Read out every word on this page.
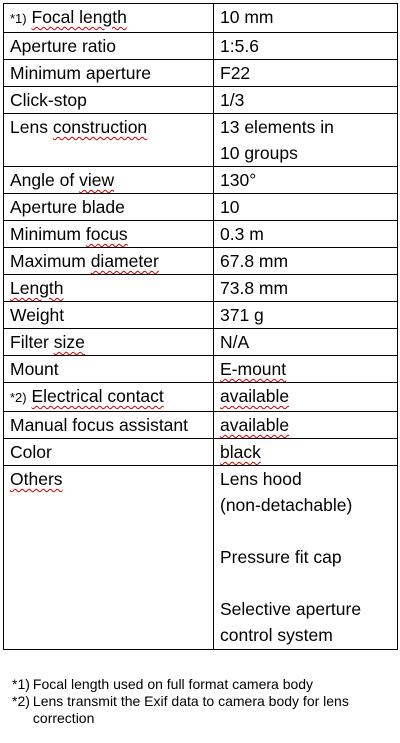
*1) Focal length	10 mm
Aperture ratio	1:5.6
Minimum aperture	F22
Click-stop	1/3
Lens construction	13 elements in
10 groups
Angle of view	130°
Aperture blade	10
Minimum focus	0.3 m
Maximum diameter	67.8 mm
Length	73.8 mm
Weight	371 g
Filter size	N/A
Mount	E-mount
*2) Electrical contact	available
Manual focus assistant	available
Color	black
Others	Lens hood
(non-detachable)
Pressure fit cap
Selective aperture
control system
*1) Focal length used on full format camera body
*2) Lens transmit the Exif data to camera body for lens correction
